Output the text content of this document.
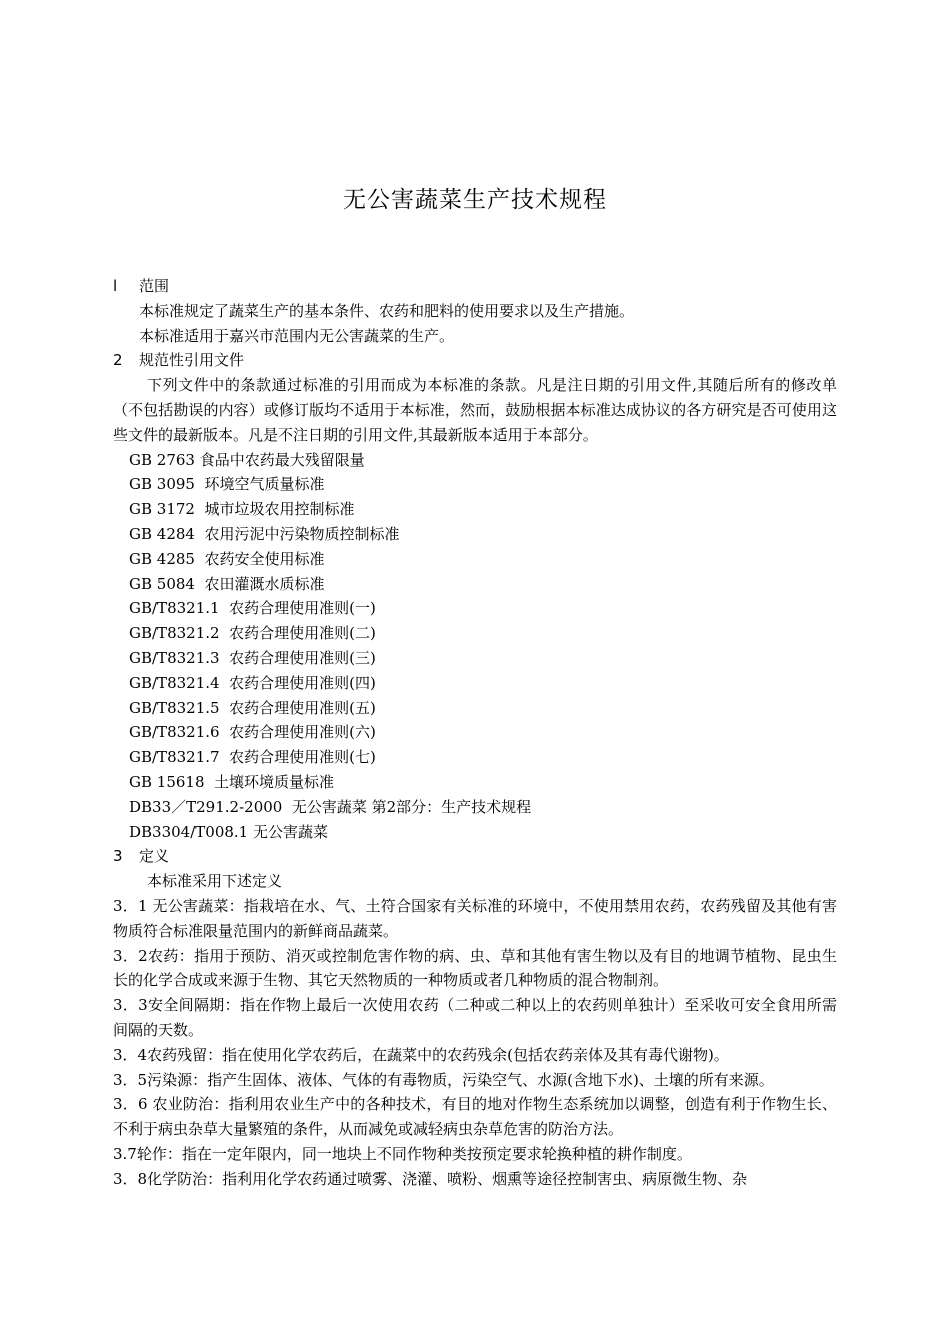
无公害蔬菜生产技术规程
l 范围
本标准规定了蔬菜生产的基本条件、农药和肥料的使用要求以及生产措施。
本标准适用于嘉兴市范围内无公害蔬菜的生产。
2 规范性引用文件
下列文件中的条款通过标准的引用而成为本标准的条款。凡是注日期的引用文件,其随后所有的修改单（不包括勘误的内容）或修订版均不适用于本标准，然而，鼓励根据本标准达成协议的各方研究是否可使用这些文件的最新版本。凡是不注日期的引用文件,其最新版本适用于本部分。
GB 2763 食品中农药最大残留限量
GB 3095  环境空气质量标准
GB 3172  城市垃圾农用控制标准
GB 4284  农用污泥中污染物质控制标准
GB 4285  农药安全使用标准
GB 5084  农田灌溉水质标准
GB/T8321.1  农药合理使用准则(一)
GB/T8321.2  农药合理使用准则(二)
GB/T8321.3  农药合理使用准则(三)
GB/T8321.4  农药合理使用准则(四)
GB/T8321.5  农药合理使用准则(五)
GB/T8321.6  农药合理使用准则(六)
GB/T8321.7  农药合理使用准则(七)
GB 15618  土壤环境质量标准
DB33／T291.2-2000  无公害蔬菜 第2部分：生产技术规程
DB3304/T008.1 无公害蔬菜
3 定义
本标准采用下述定义
3．1 无公害蔬菜：指栽培在水、气、土符合国家有关标准的环境中，不使用禁用农药，农药残留及其他有害物质符合标准限量范围内的新鲜商品蔬菜。
3．2农药：指用于预防、消灭或控制危害作物的病、虫、草和其他有害生物以及有目的地调节植物、昆虫生长的化学合成或来源于生物、其它天然物质的一种物质或者几种物质的混合物制剂。
3．3安全间隔期：指在作物上最后一次使用农药（二种或二种以上的农药则单独计）至采收可安全食用所需间隔的天数。
3．4农药残留：指在使用化学农药后，在蔬菜中的农药残余(包括农药亲体及其有毒代谢物)。
3．5污染源：指产生固体、液体、气体的有毒物质，污染空气、水源(含地下水)、土壤的所有来源。
3．6 农业防治：指利用农业生产中的各种技术，有目的地对作物生态系统加以调整，创造有利于作物生长、不利于病虫杂草大量繁殖的条件，从而减免或减轻病虫杂草危害的防治方法。
3.7轮作：指在一定年限内，同一地块上不同作物种类按预定要求轮换种植的耕作制度。
3．8化学防治：指利用化学农药通过喷雾、浇灌、喷粉、烟熏等途径控制害虫、病原微生物、杂
